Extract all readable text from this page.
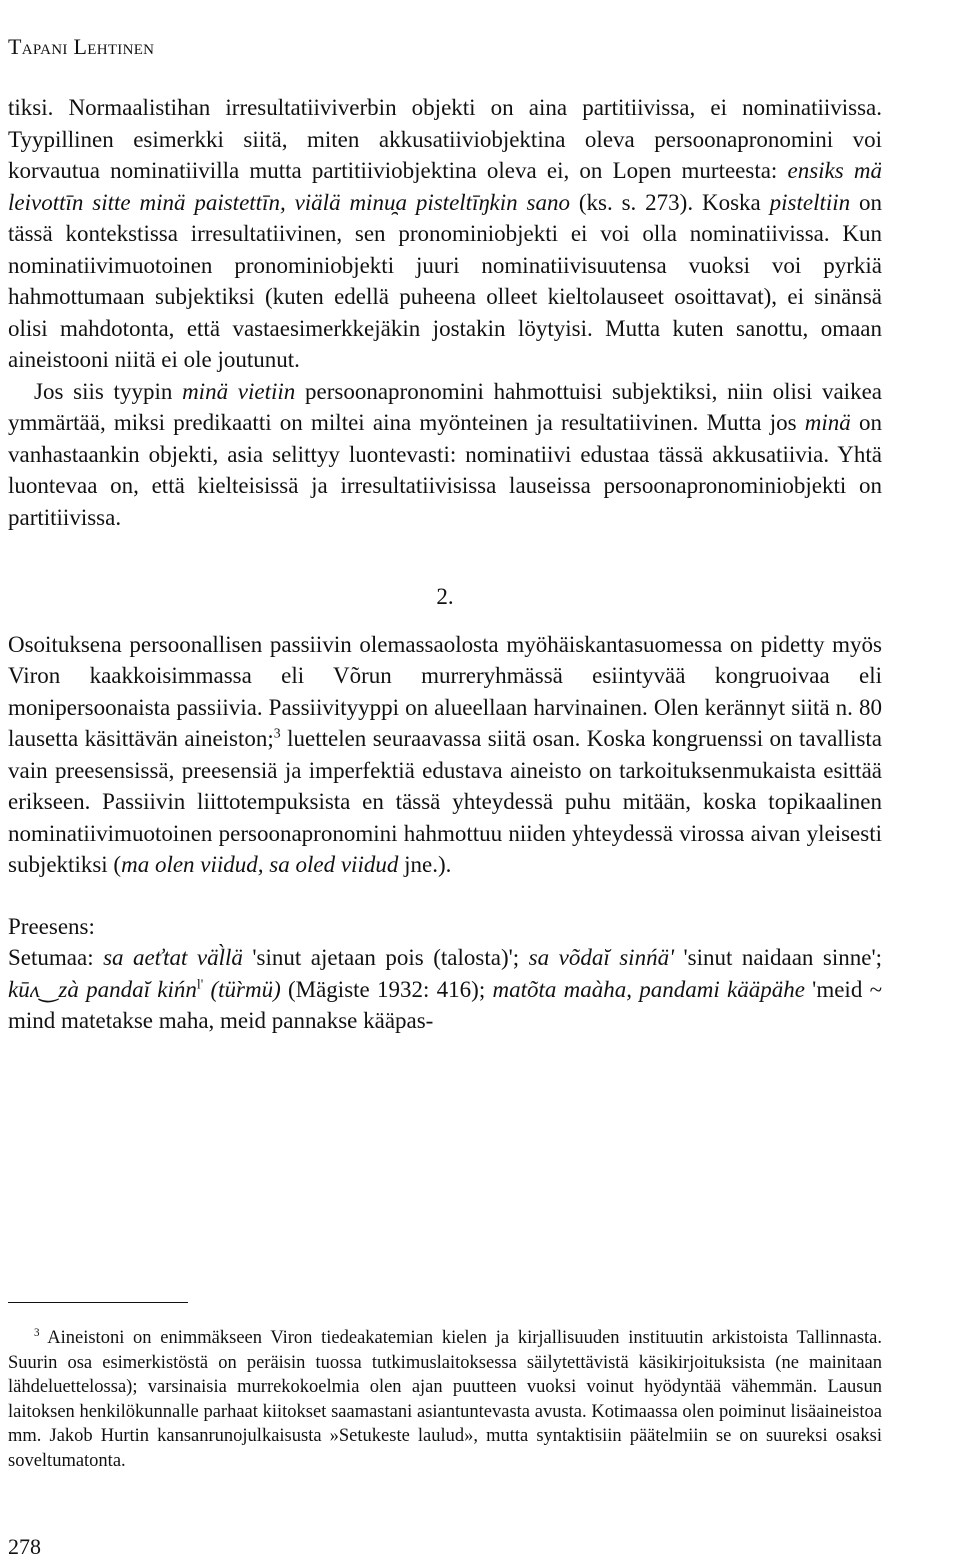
Tapani Lehtinen

tiksi. Normaalistihan irresultatiiviverbin objekti on aina partitiivissa, ei nominatiivissa. Tyypillinen esimerkki siitä, miten akkusatiiviobjektina oleva persoonapronomini voi korvautua nominatiivilla mutta partitiiviobjektina oleva ei, on Lopen murteesta: ensiks mä leivottīn sitte minä paistettīn, viälä minu̯a pisteltīŋkin sano (ks. s. 273). Koska pisteltiin on tässä kontekstissa irresultatiivinen, sen pronominiobjekti ei voi olla nominatiivissa. Kun nominatiivimuotoinen pronominiobjekti juuri nominatiivisuutensa vuoksi voi pyrkiä hahmottumaan subjektiksi (kuten edellä puheena olleet kieltolauseet osoittavat), ei sinänsä olisi mahdotonta, että vastaesimerkkejäkin jostakin löytyisi. Mutta kuten sanottu, omaan aineistooni niitä ei ole joutunut.

Jos siis tyypin minä vietiin persoonapronomini hahmottuisi subjektiksi, niin olisi vaikea ymmärtää, miksi predikaatti on miltei aina myönteinen ja resultatiivinen. Mutta jos minä on vanhastaankin objekti, asia selittyy luontevasti: nominatiivi edustaa tässä akkusatiivia. Yhtä luontevaa on, että kielteisissä ja irresultatiivisissa lauseissa persoonapronominiobjekti on partitiivissa.

2.

Osoituksena persoonallisen passiivin olemassaolosta myöhäiskantasuomessa on pidetty myös Viron kaakkoisimmassa eli Võrun murreryhmässä esiintyvää kongruoivaa eli monipersoonaista passiivia. Passiivityyppi on alueellaan harvinainen. Olen kerännyt siitä n. 80 lausetta käsittävän aineiston;$^3$ luettelen seuraavassa siitä osan. Koska kongruenssi on tavallista vain preesensissä, preesensiä ja imperfektiä edustava aineisto on tarkoituksenmukaista esittää erikseen. Passiivin liittotempuksista en tässä yhteydessä puhu mitään, koska topikaalinen nominatiivimuotoinen persoonapronomini hahmottuu niiden yhteydessä virossa aivan yleisesti subjektiksi (ma olen viidud, sa oled viidud jne.).

Preesens:

Setumaa: sa aeťtat väl̀lä 'sinut ajetaan pois (talosta)'; sa võdaĭ sinńä' 'sinut naidaan sinne'; kūʌ‿zà pandaĭ kińn$^{l'}$ (tür̀mü) (Mägiste 1932: 416); matõta maàha, pandami kääpähe 'meid ~ mind matetakse maha, meid pannakse kääpas-

$^3$ Aineistoni on enimmäkseen Viron tiedeakatemian kielen ja kirjallisuuden instituutin arkistoista Tallinnasta. Suurin osa esimerkistöstä on peräisin tuossa tutkimuslaitoksessa säilytettävistä käsikirjoituksista (ne mainitaan lähdeluettelossa); varsinaisia murrekokoelmia olen ajan puutteen vuoksi voinut hyödyntää vähemmän. Lausun laitoksen henkilökunnalle parhaat kiitokset saamastani asiantuntevasta avusta. Kotimaassa olen poiminut lisäaineistoa mm. Jakob Hurtin kansanrunojulkaisusta »Setukeste laulud», mutta syntaktisiin päätelmiin se on suureksi osaksi soveltumatonta.

278
